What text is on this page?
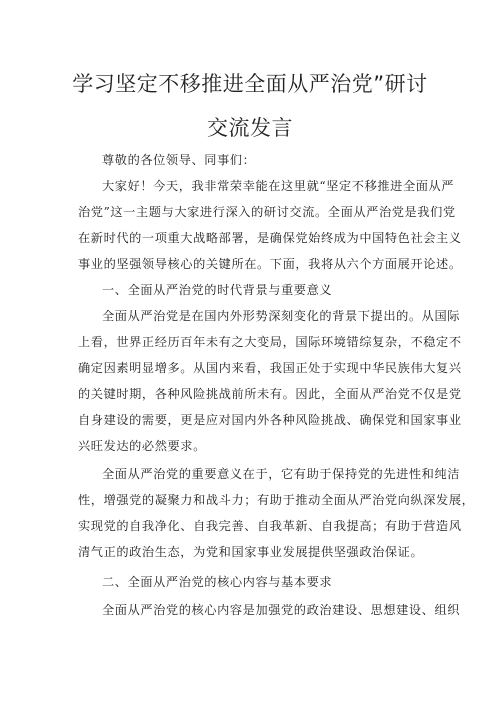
学习坚定不移推进全面从严治党”研讨
交流发言

尊敬的各位领导、同事们：

大家好！今天，我非常荣幸能在这里就“坚定不移推进全面从严

治党”这一主题与大家进行深入的研讨交流。全面从严治党是我们党

在新时代的一项重大战略部署，是确保党始终成为中国特色社会主义

事业的坚强领导核心的关键所在。下面，我将从六个方面展开论述。

一、全面从严治党的时代背景与重要意义

全面从严治党是在国内外形势深刻变化的背景下提出的。从国际

上看，世界正经历百年未有之大变局，国际环境错综复杂，不稳定不

确定因素明显增多。从国内来看，我国正处于实现中华民族伟大复兴

的关键时期，各种风险挑战前所未有。因此，全面从严治党不仅是党

自身建设的需要，更是应对国内外各种风险挑战、确保党和国家事业

兴旺发达的必然要求。

全面从严治党的重要意义在于，它有助于保持党的先进性和纯洁

性，增强党的凝聚力和战斗力；有助于推动全面从严治党向纵深发展，

实现党的自我净化、自我完善、自我革新、自我提高；有助于营造风

清气正的政治生态，为党和国家事业发展提供坚强政治保证。

二、全面从严治党的核心内容与基本要求

全面从严治党的核心内容是加强党的政治建设、思想建设、组织
